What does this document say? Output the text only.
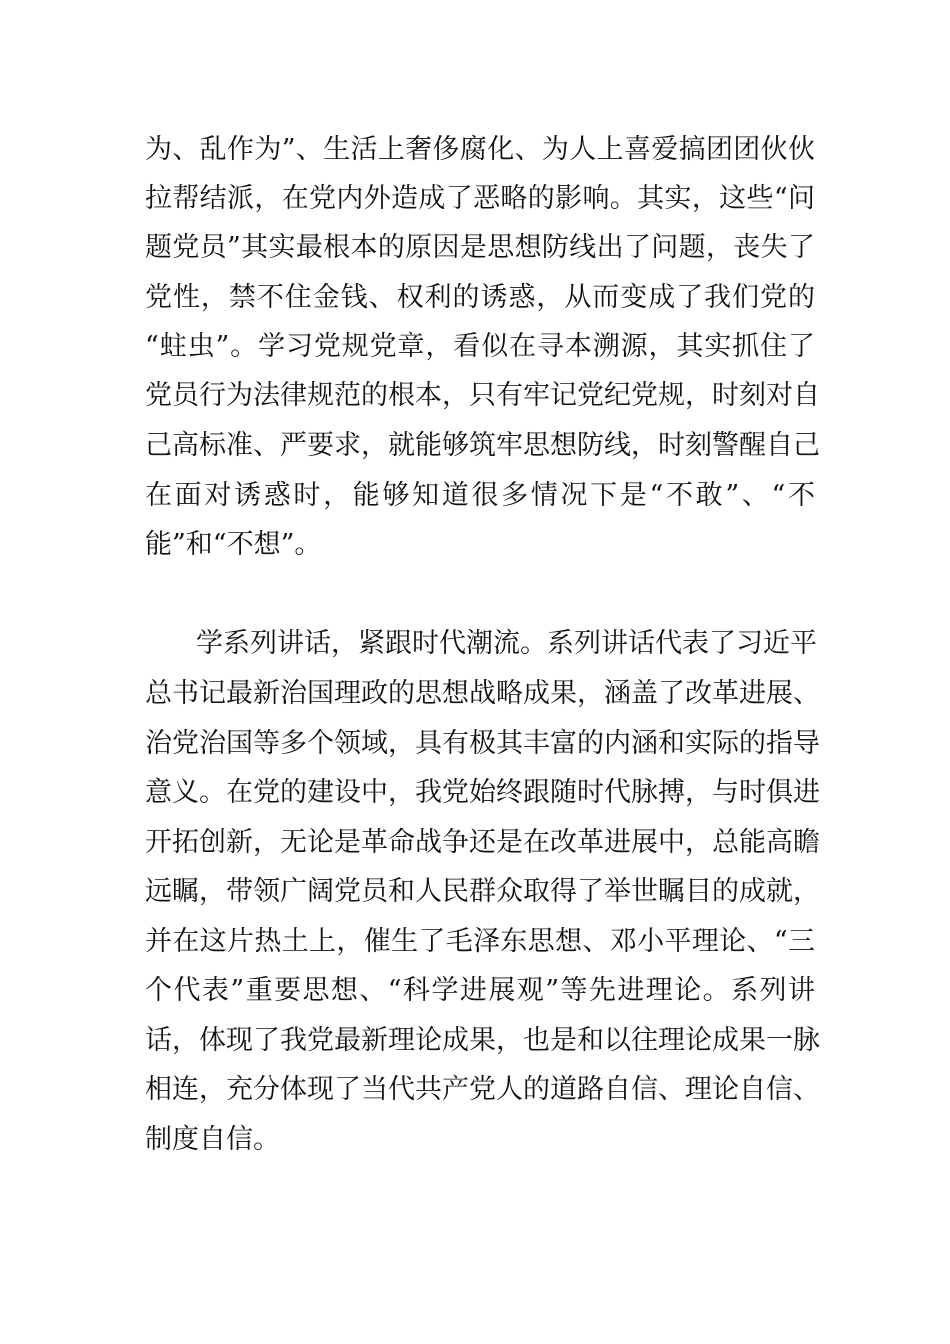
为、乱作为”、生活上奢侈腐化、为人上喜爱搞团团伙伙
拉帮结派，在党内外造成了恶略的影响。其实，这些“问
题党员”其实最根本的原因是思想防线出了问题，丧失了
党性，禁不住金钱、权利的诱惑，从而变成了我们党的
“蛀虫”。学习党规党章，看似在寻本溯源，其实抓住了
党员行为法律规范的根本，只有牢记党纪党规，时刻对自
己高标准、严要求，就能够筑牢思想防线，时刻警醒自己
在面对诱惑时，能够知道很多情况下是“不敢”、“不
能”和“不想”。
学系列讲话，紧跟时代潮流。系列讲话代表了习近平
总书记最新治国理政的思想战略成果，涵盖了改革进展、
治党治国等多个领域，具有极其丰富的内涵和实际的指导
意义。在党的建设中，我党始终跟随时代脉搏，与时俱进
开拓创新，无论是革命战争还是在改革进展中，总能高瞻
远瞩，带领广阔党员和人民群众取得了举世瞩目的成就，
并在这片热土上，催生了毛泽东思想、邓小平理论、“三
个代表”重要思想、“科学进展观”等先进理论。系列讲
话，体现了我党最新理论成果，也是和以往理论成果一脉
相连，充分体现了当代共产党人的道路自信、理论自信、
制度自信。
